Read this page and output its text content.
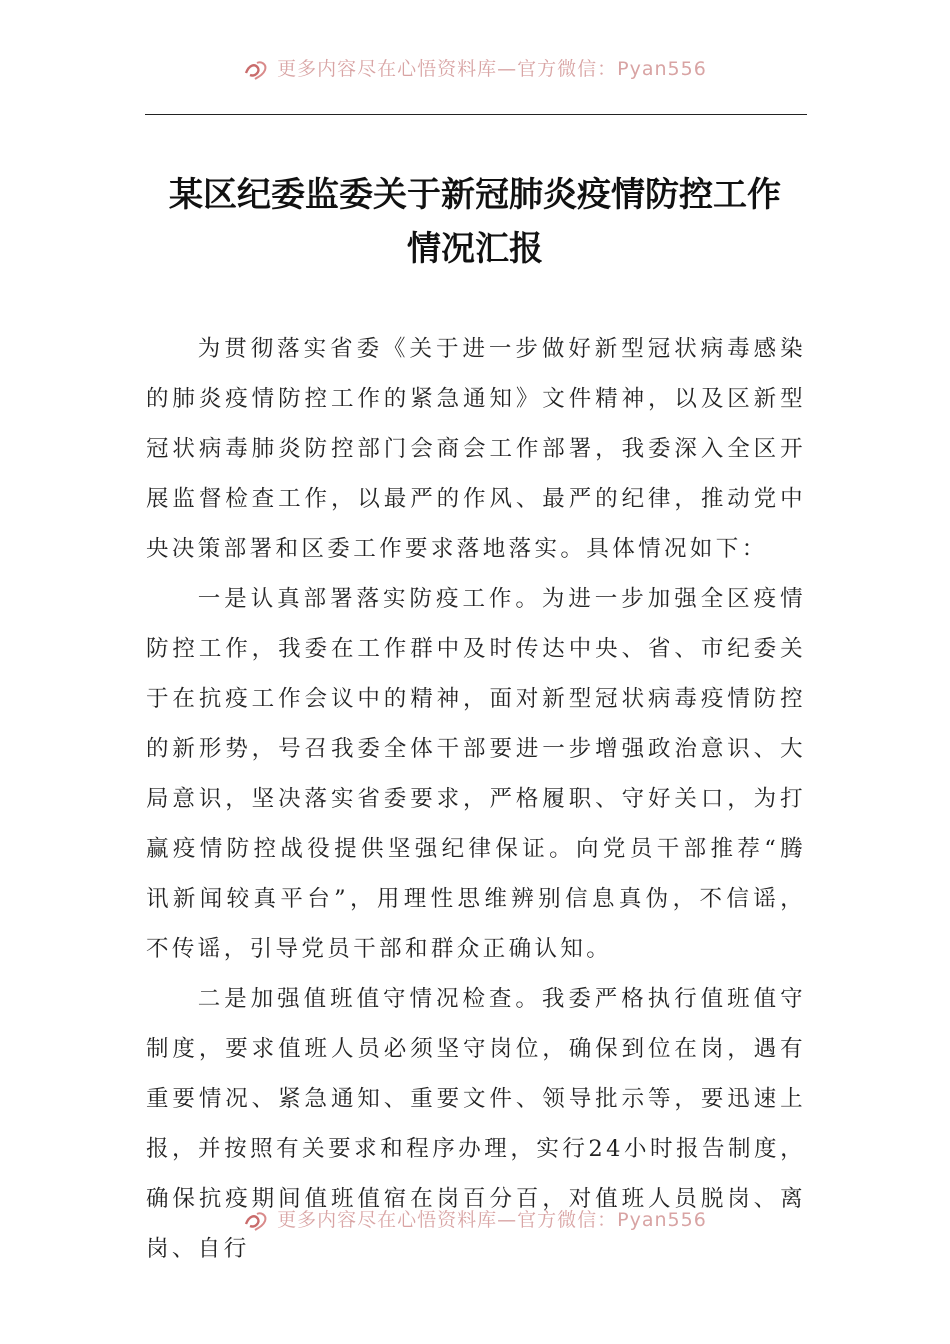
更多内容尽在心悟资料库—官方微信：Pyan556
某区纪委监委关于新冠肺炎疫情防控工作
情况汇报

为贯彻落实省委《关于进一步做好新型冠状病毒感染的肺炎疫情防控工作的紧急通知》文件精神，以及区新型冠状病毒肺炎防控部门会商会工作部署，我委深入全区开展监督检查工作，以最严的作风、最严的纪律，推动党中央决策部署和区委工作要求落地落实。具体情况如下：

一是认真部署落实防疫工作。为进一步加强全区疫情防控工作，我委在工作群中及时传达中央、省、市纪委关于在抗疫工作会议中的精神，面对新型冠状病毒疫情防控的新形势，号召我委全体干部要进一步增强政治意识、大局意识，坚决落实省委要求，严格履职、守好关口，为打赢疫情防控战役提供坚强纪律保证。向党员干部推荐“腾讯新闻较真平台”，用理性思维辨别信息真伪，不信谣，不传谣，引导党员干部和群众正确认知。

二是加强值班值守情况检查。我委严格执行值班值守制度，要求值班人员必须坚守岗位，确保到位在岗，遇有重要情况、紧急通知、重要文件、领导批示等，要迅速上报，并按照有关要求和程序办理，实行24小时报告制度，确保抗疫期间值班值宿在岗百分百，对值班人员脱岗、离岗、自行

更多内容尽在心悟资料库—官方微信：Pyan556
